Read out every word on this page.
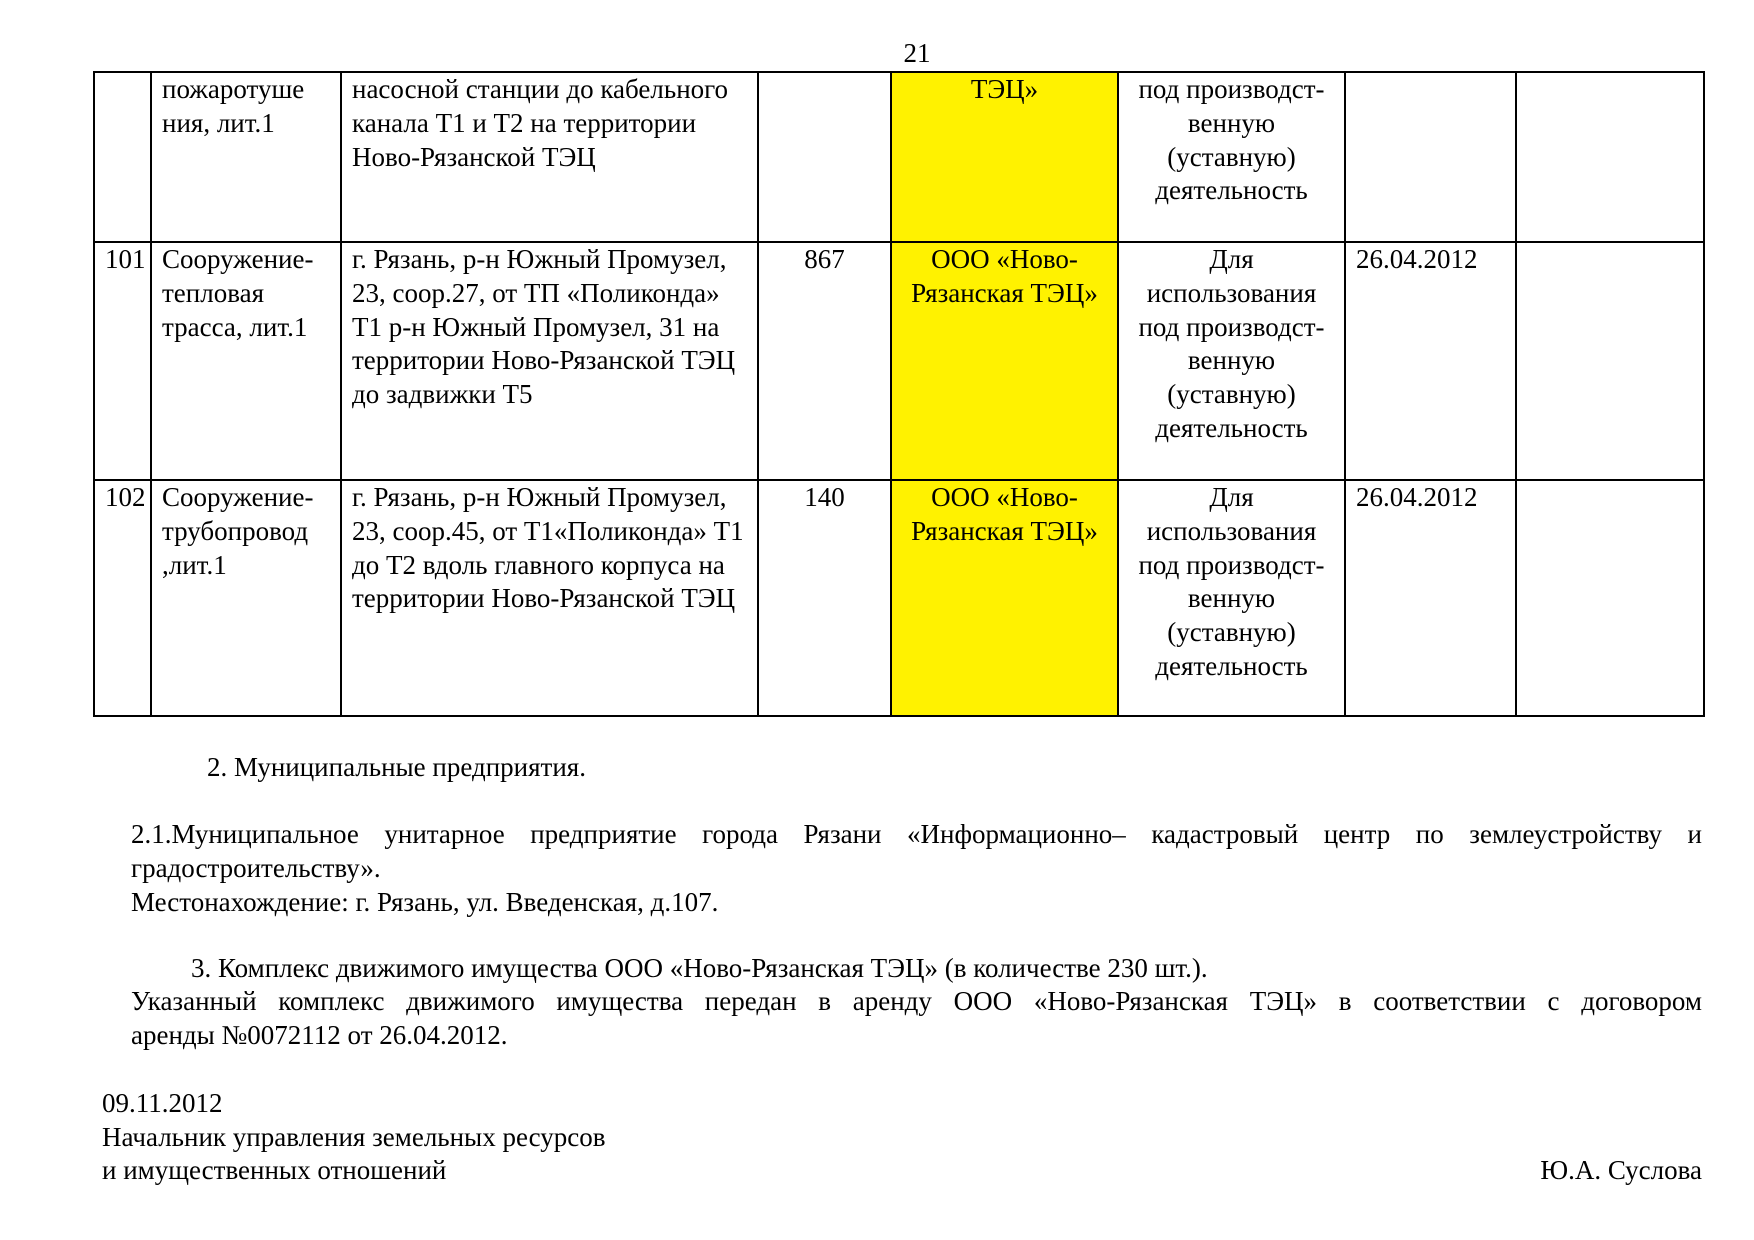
21
	пожаротуше ния, лит.1	насосной станции до кабельного канала Т1 и Т2 на территории Ново-Рязанской ТЭЦ		ТЭЦ»	под производст-венную (уставную) деятельность		

101	Сооружение-тепловая трасса, лит.1	г. Рязань, р-н Южный Промузел, 23, соор.27, от ТП «Поликонда» Т1 р-н Южный Промузел, 31 на территории Ново-Рязанской ТЭЦ до задвижки Т5	867	ООО «Ново-Рязанская ТЭЦ»	Для использования под производст-венную (уставную) деятельность	26.04.2012	

102	Сооружение-трубопровод ,лит.1	г. Рязань, р-н Южный Промузел, 23, соор.45, от Т1«Поликонда» Т1 до Т2 вдоль главного корпуса на территории Ново-Рязанской ТЭЦ	140	ООО «Ново-Рязанская ТЭЦ»	Для использования под производст-венную (уставную) деятельность	26.04.2012	
2. Муниципальные предприятия.
2.1.Муниципальное унитарное предприятие города Рязани «Информационно– кадастровый центр по землеустройству и
градостроительству».
Местонахождение: г. Рязань, ул. Введенская, д.107.
3. Комплекс движимого имущества ООО «Ново-Рязанская ТЭЦ» (в количестве 230 шт.).
Указанный комплекс движимого имущества передан в аренду ООО «Ново-Рязанская ТЭЦ» в соответствии с договором
аренды №0072112 от 26.04.2012.
09.11.2012
Начальник управления земельных ресурсов
и имущественных отношений	Ю.А. Суслова
